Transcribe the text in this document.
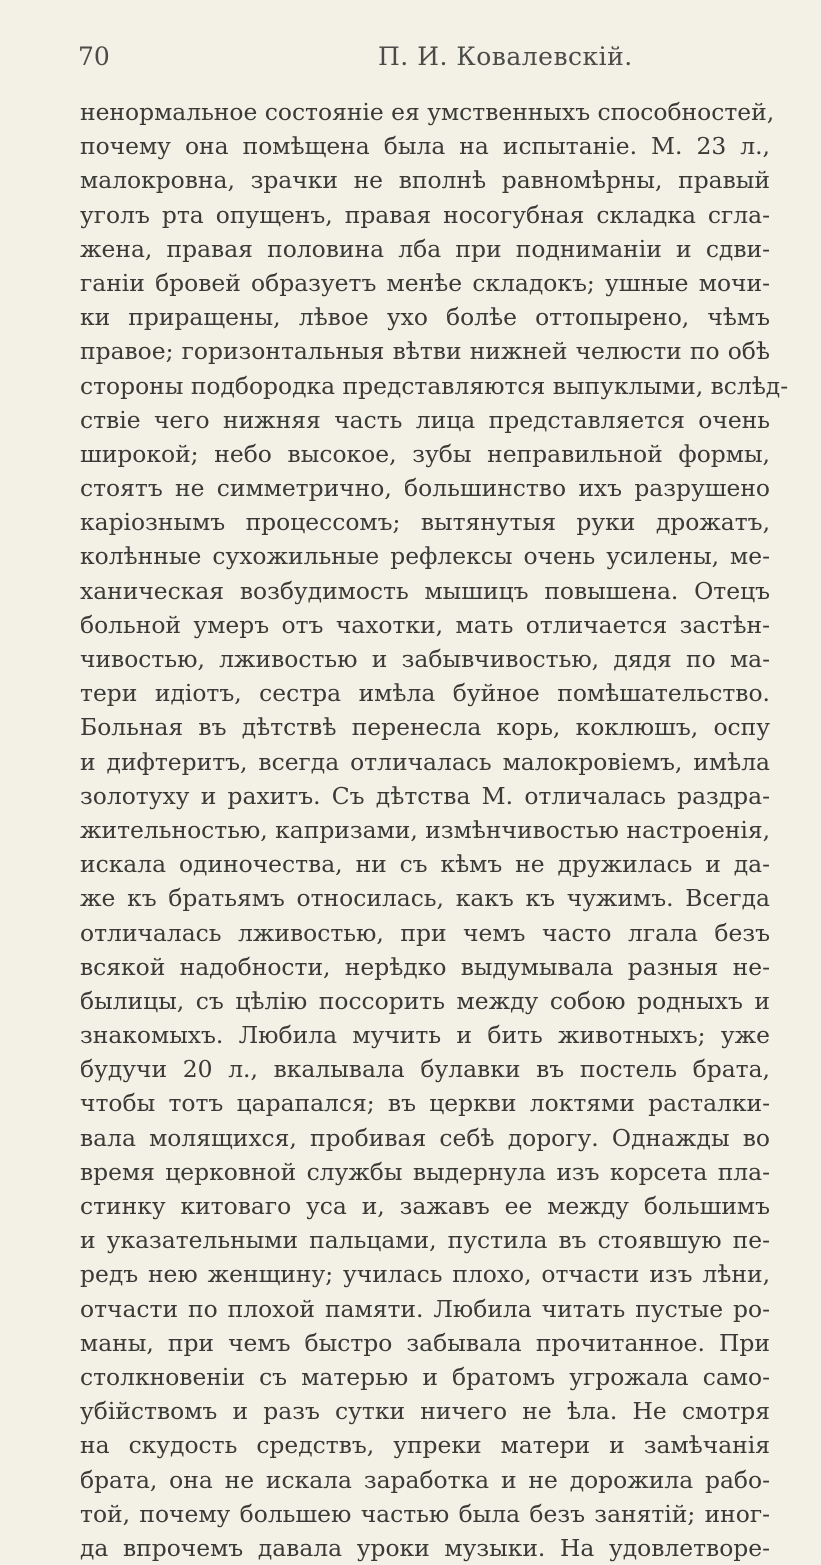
70	П. И. Ковалевскій.
ненормальное состояніе ея умственныхъ способностей,
почему она помѣщена была на испытаніе. М. 23 л.,
малокровна, зрачки не вполнѣ равномѣрны, правый
уголъ рта опущенъ, правая носогубная складка сгла-
жена, правая половина лба при подниманіи и сдви-
ганіи бровей образуетъ менѣе складокъ; ушные мочи-
ки приращены, лѣвое ухо болѣе оттопырено, чѣмъ
правое; горизонтальныя вѣтви нижней челюсти по обѣ
стороны подбородка представляются выпуклыми, вслѣд-
ствіе чего нижняя часть лица представляется очень
широкой; небо высокое, зубы неправильной формы,
стоятъ не симметрично, большинство ихъ разрушено
каріознымъ процессомъ; вытянутыя руки дрожатъ,
колѣнные сухожильные рефлексы очень усилены, ме-
ханическая возбудимость мышицъ повышена. Отецъ
больной умеръ отъ чахотки, мать отличается застѣн-
чивостью, лживостью и забывчивостью, дядя по ма-
тери идіотъ, сестра имѣла буйное помѣшательство.
Больная въ дѣтствѣ перенесла корь, коклюшъ, оспу
и дифтеритъ, всегда отличалась малокровіемъ, имѣла
золотуху и рахитъ. Съ дѣтства М. отличалась раздра-
жительностью, капризами, измѣнчивостью настроенія,
искала одиночества, ни съ кѣмъ не дружилась и да-
же къ братьямъ относилась, какъ къ чужимъ. Всегда
отличалась лживостью, при чемъ часто лгала безъ
всякой надобности, нерѣдко выдумывала разныя не-
былицы, съ цѣлію поссорить между собою родныхъ и
знакомыхъ. Любила мучить и бить животныхъ; уже
будучи 20 л., вкалывала булавки въ постель брата,
чтобы тотъ царапался; въ церкви локтями расталки-
вала молящихся, пробивая себѣ дорогу. Однажды во
время церковной службы выдернула изъ корсета пла-
стинку китоваго уса и, зажавъ ее между большимъ
и указательными пальцами, пустила въ стоявшую пе-
редъ нею женщину; училась плохо, отчасти изъ лѣни,
отчасти по плохой памяти. Любила читать пустые ро-
маны, при чемъ быстро забывала прочитанное. При
столкновеніи съ матерью и братомъ угрожала само-
убійствомъ и разъ сутки ничего не ѣла. Не смотря
на скудость средствъ, упреки матери и замѣчанія
брата, она не искала заработка и не дорожила рабо-
той, почему большею частью была безъ занятій; иног-
да впрочемъ давала уроки музыки. На удовлетворе-
